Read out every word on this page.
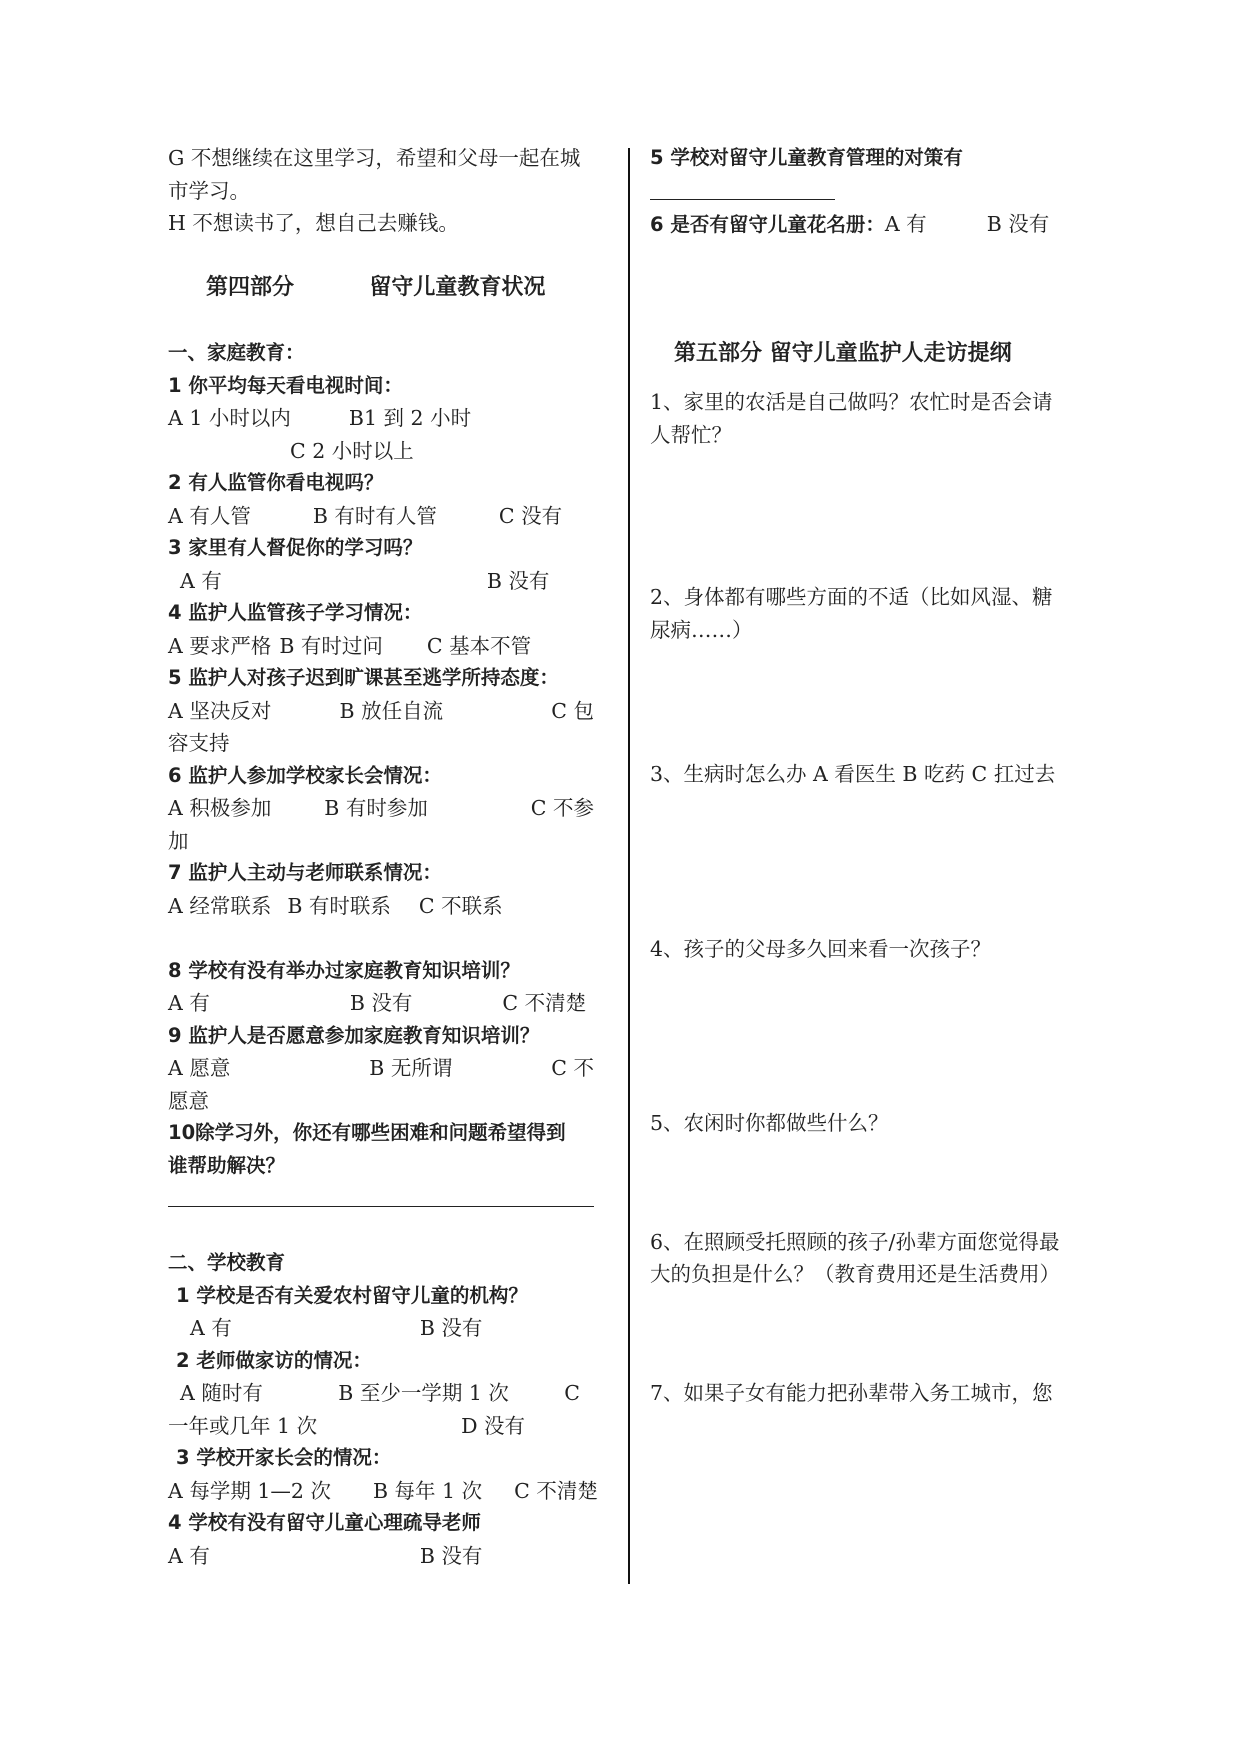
G 不想继续在这里学习，希望和父母一起在城
市学习。
H 不想读书了，想自己去赚钱。
第四部分	留守儿童教育状况
一、家庭教育：
1 你平均每天看电视时间：
A 1 小时以内	B1 到 2 小时
C 2 小时以上
2 有人监管你看电视吗？
A 有人管	B 有时有人管	C 没有
3 家里有人督促你的学习吗？
A 有	B 没有
4 监护人监管孩子学习情况：
A 要求严格 B 有时过问 C 基本不管
5 监护人对孩子迟到旷课甚至逃学所持态度：
A 坚决反对	B 放任自流	C 包
容支持
6 监护人参加学校家长会情况：
A 积极参加	B 有时参加	C 不参
加
7 监护人主动与老师联系情况：
A 经常联系 B 有时联系 C 不联系
8 学校有没有举办过家庭教育知识培训？
A 有	B 没有	C 不清楚
9 监护人是否愿意参加家庭教育知识培训？
A 愿意	B 无所谓	C 不
愿意
10除学习外，你还有哪些困难和问题希望得到
谁帮助解决？
二、学校教育
1 学校是否有关爱农村留守儿童的机构？
A 有	B 没有
2 老师做家访的情况：
A 随时有	B 至少一学期 1 次	C
一年或几年 1 次	D 没有
3 学校开家长会的情况：
A 每学期 1—2 次 B 每年 1 次 C 不清楚
4 学校有没有留守儿童心理疏导老师
A 有	B 没有
5 学校对留守儿童教育管理的对策有
6 是否有留守儿童花名册：A 有	B 没有
第五部分 留守儿童监护人走访提纲
1、家里的农活是自己做吗？农忙时是否会请
人帮忙？
2、身体都有哪些方面的不适（比如风湿、糖
尿病……）
3、生病时怎么办 A 看医生 B 吃药 C 扛过去
4、孩子的父母多久回来看一次孩子？
5、农闲时你都做些什么？
6、在照顾受托照顾的孩子/孙辈方面您觉得最
大的负担是什么？（教育费用还是生活费用）
7、如果子女有能力把孙辈带入务工城市，您
